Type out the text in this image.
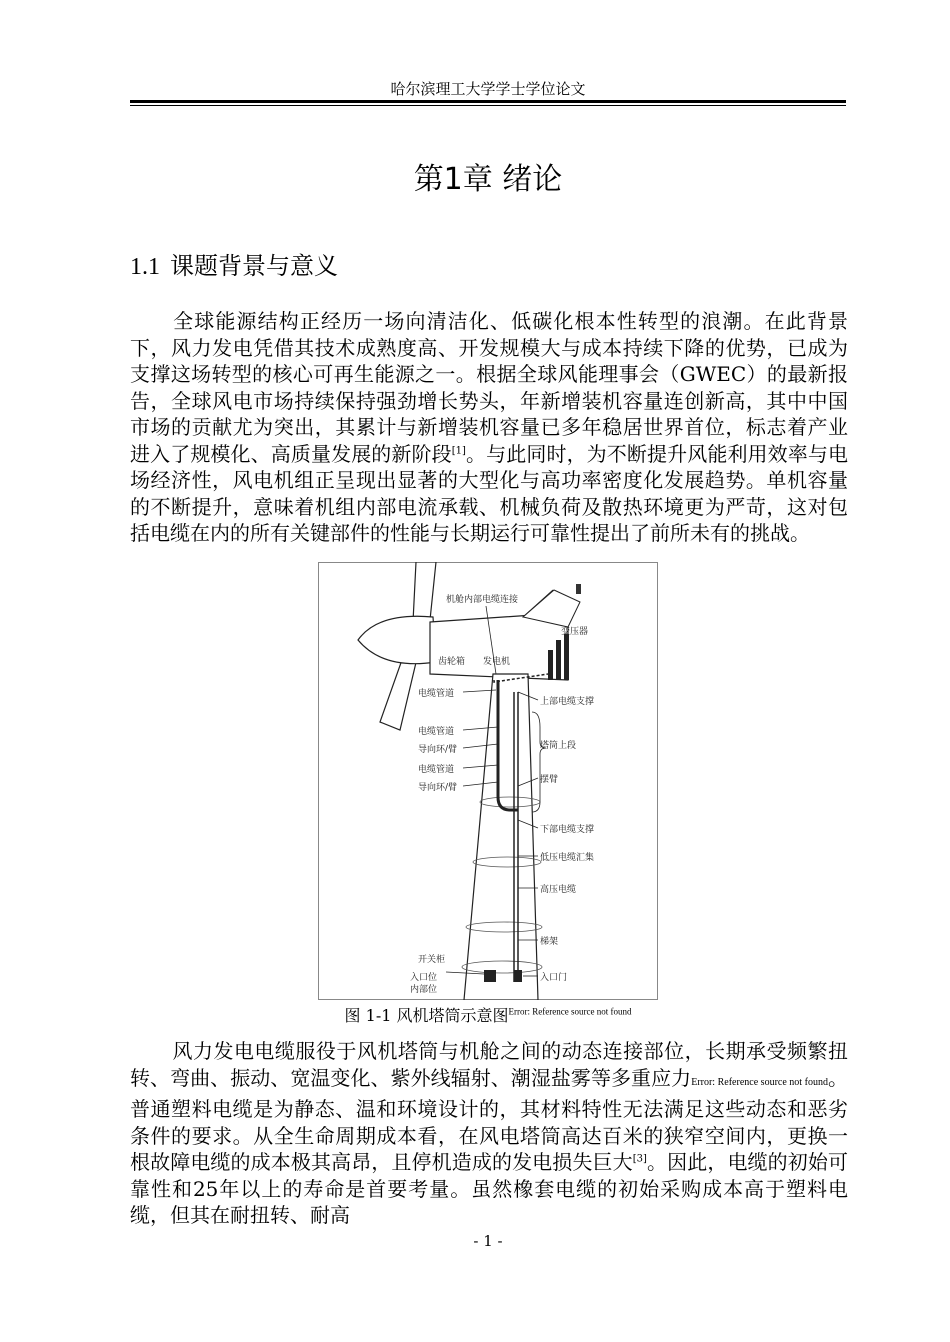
哈尔滨理工大学学士学位论文
第1章 绪论
1.1 课题背景与意义

全球能源结构正经历一场向清洁化、低碳化根本性转型的浪潮。在此背景下，风力发电凭借其技术成熟度高、开发规模大与成本持续下降的优势，已成为支撑这场转型的核心可再生能源之一。根据全球风能理事会（GWEC）的最新报告，全球风电市场持续保持强劲增长势头，年新增装机容量连创新高，其中中国市场的贡献尤为突出，其累计与新增装机容量已多年稳居世界首位，标志着产业进入了规模化、高质量发展的新阶段[1]。与此同时，为不断提升风能利用效率与电场经济性，风电机组正呈现出显著的大型化与高功率密度化发展趋势。单机容量的不断提升，意味着机组内部电流承载、机械负荷及散热环境更为严苛，这对包括电缆在内的所有关键部件的性能与长期运行可靠性提出了前所未有的挑战。

机舱内部电缆连接
变压器
齿轮箱 发电机
电缆管道
上部电缆支撑
电缆管道
导向环/臂	塔筒上段
电缆管道
导向环/臂
摆臂
下部电缆支撑
低压电缆汇集
高压电缆
梯架
开关柜
入口位
内部位
入口门
图 1-1 风机塔筒示意图$^{Error: Reference source not found}$

风力发电电缆服役于风机塔筒与机舱之间的动态连接部位，长期承受频繁扭转、弯曲、振动、宽温变化、紫外线辐射、潮湿盐雾等多重应力Error: Reference source not found。普通塑料电缆是为静态、温和环境设计的，其材料特性无法满足这些动态和恶劣条件的要求。从全生命周期成本看，在风电塔筒高达百米的狭窄空间内，更换一根故障电缆的成本极其高昂，且停机造成的发电损失巨大[3]。因此，电缆的初始可靠性和25年以上的寿命是首要考量。虽然橡套电缆的初始采购成本高于塑料电缆，但其在耐扭转、耐高

- 1 -
